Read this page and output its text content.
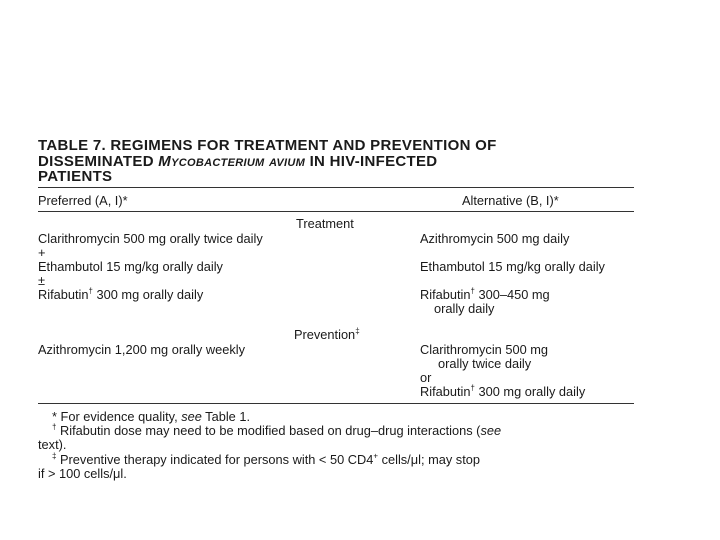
TABLE 7. REGIMENS FOR TREATMENT AND PREVENTION OF
DISSEMINATED Mycobacterium avium IN HIV-INFECTED
PATIENTS
Preferred (A, I)*	Alternative (B, I)*
Treatment
Clarithromycin 500 mg orally twice daily	Azithromycin 500 mg daily
+
Ethambutol 15 mg/kg orally daily	Ethambutol 15 mg/kg orally daily
±
Rifabutin† 300 mg orally daily	Rifabutin† 300–450 mg
orally daily
Prevention‡
Azithromycin 1,200 mg orally weekly	Clarithromycin 500 mg
orally twice daily
or
Rifabutin† 300 mg orally daily
* For evidence quality, see Table 1.
† Rifabutin dose may need to be modified based on drug–drug interactions (see
text).
‡ Preventive therapy indicated for persons with < 50 CD4+ cells/μl; may stop
if > 100 cells/μl.
